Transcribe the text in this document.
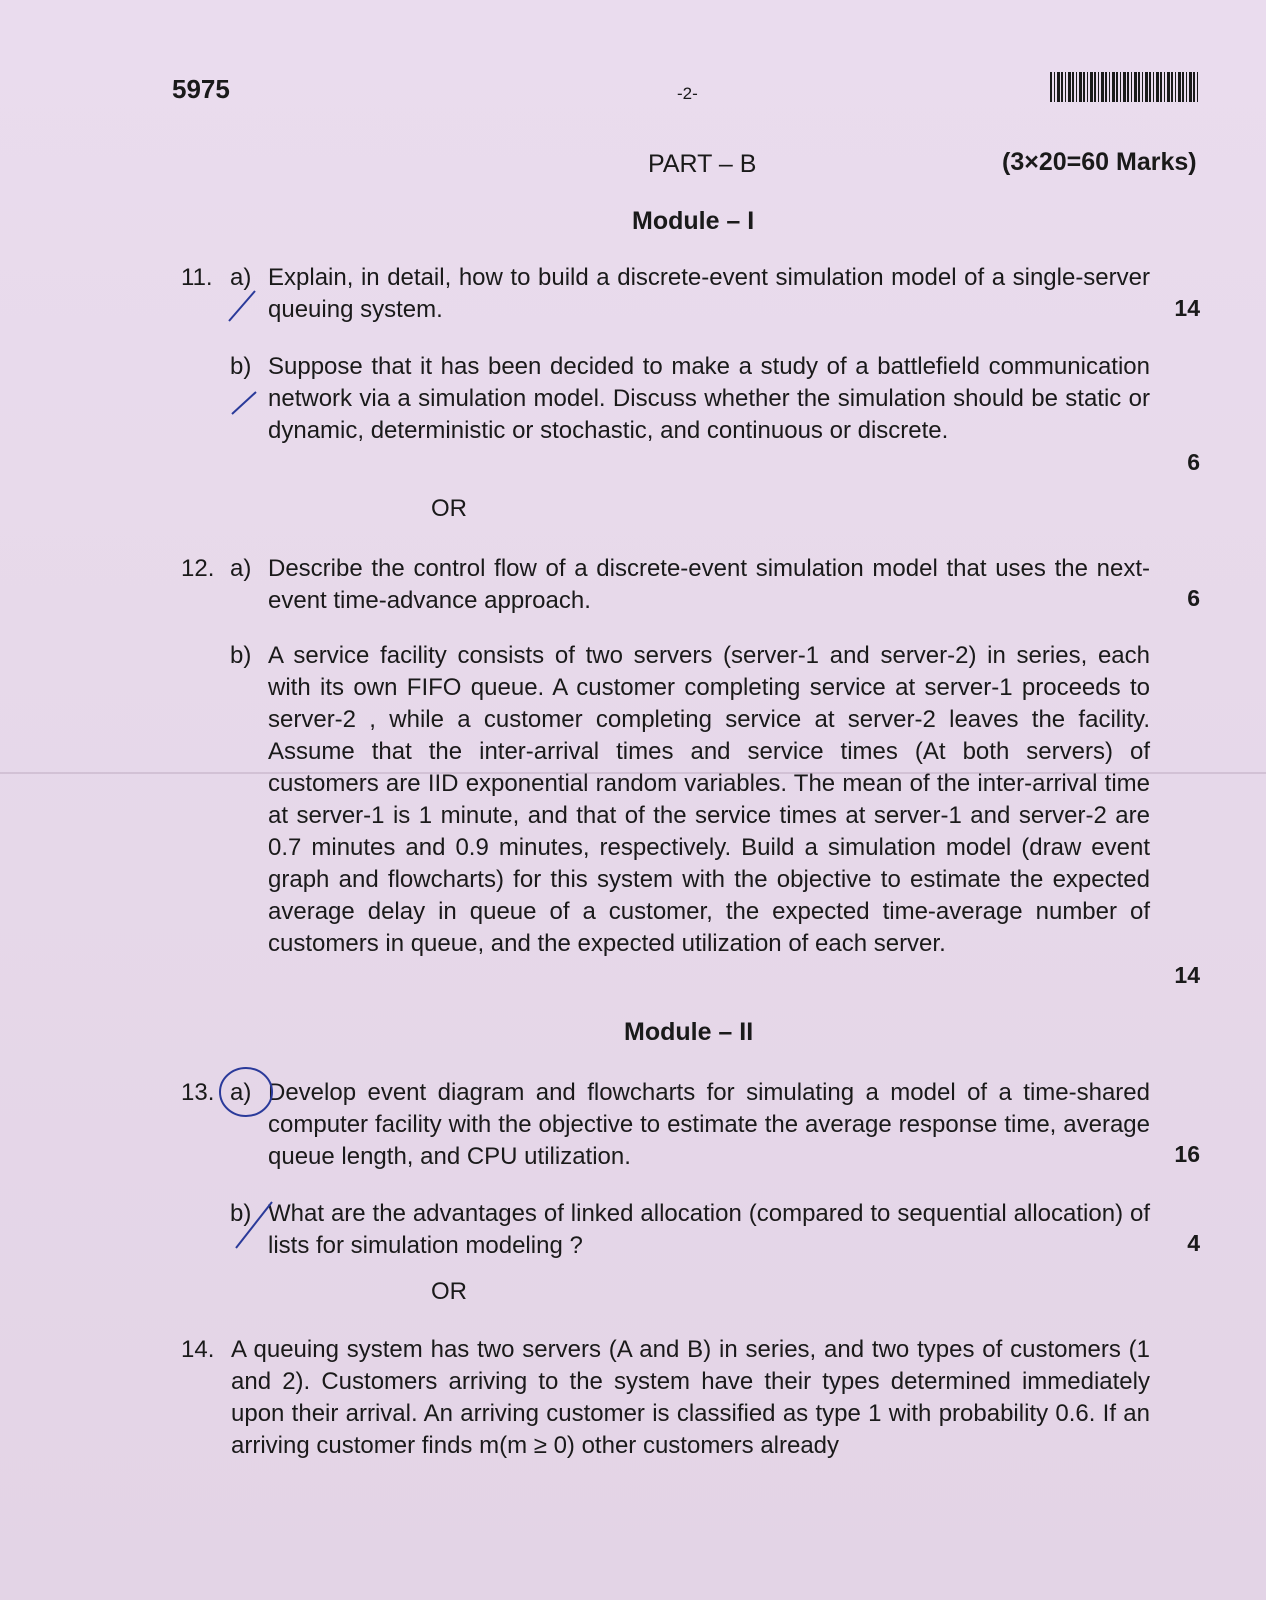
5975	-2-
PART – B	(3×20=60 Marks)
Module – I
11. a) Explain, in detail, how to build a discrete-event simulation model of a single-server queuing system.	14
b) Suppose that it has been decided to make a study of a battlefield communication network via a simulation model. Discuss whether the simulation should be static or dynamic, deterministic or stochastic, and continuous or discrete.
6
OR
12. a) Describe the control flow of a discrete-event simulation model that uses the next-event time-advance approach.	6
b) A service facility consists of two servers (server-1 and server-2) in series, each with its own FIFO queue. A customer completing service at server-1 proceeds to server-2 , while a customer completing service at server-2 leaves the facility. Assume that the inter-arrival times and service times (At both servers) of customers are IID exponential random variables. The mean of the inter-arrival time at server-1 is 1 minute, and that of the service times at server-1 and server-2 are 0.7 minutes and 0.9 minutes, respectively. Build a simulation model (draw event graph and flowcharts) for this system with the objective to estimate the expected average delay in queue of a customer, the expected time-average number of customers in queue, and the expected utilization of each server.
14
Module – II
13. a) Develop event diagram and flowcharts for simulating a model of a time-shared computer facility with the objective to estimate the average response time, average queue length, and CPU utilization.	16
b) What are the advantages of linked allocation (compared to sequential allocation) of lists for simulation modeling ?	4
OR
14. A queuing system has two servers (A and B) in series, and two types of customers (1 and 2). Customers arriving to the system have their types determined immediately upon their arrival. An arriving customer is classified as type 1 with probability 0.6. If an arriving customer finds m(m ≥ 0) other customers already
